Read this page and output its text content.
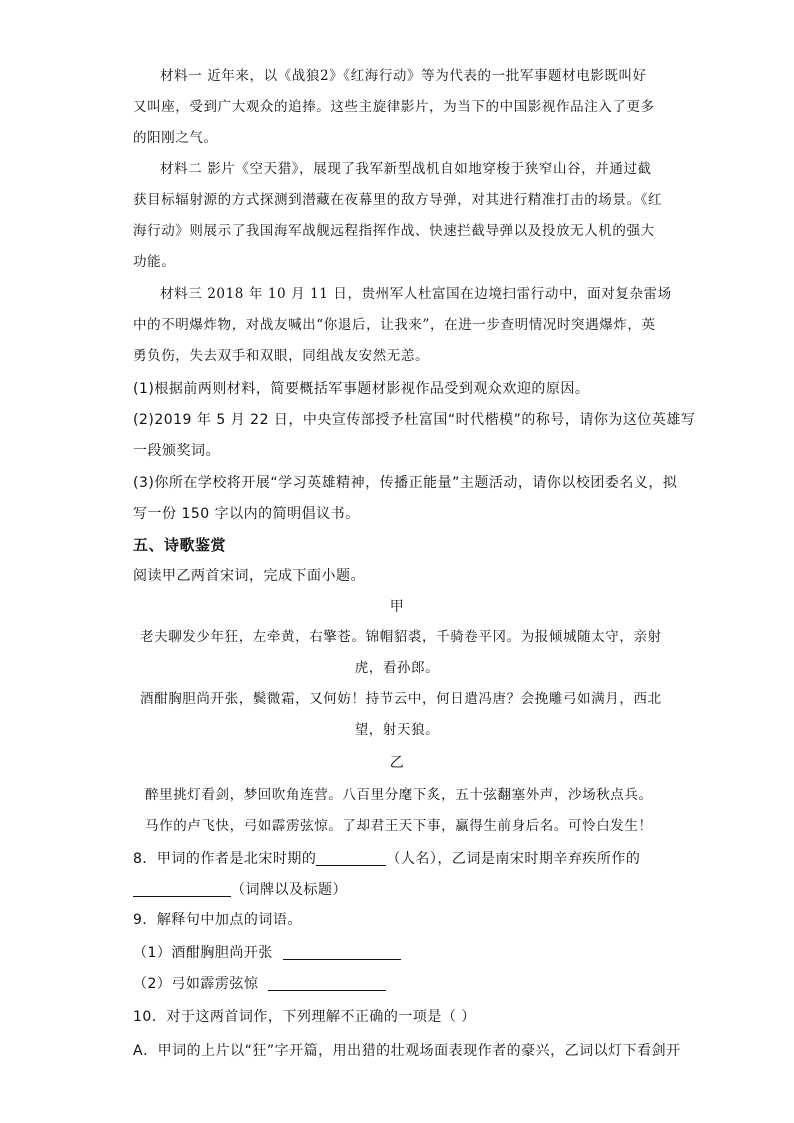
材料一 近年来，以《战狼2》《红海行动》等为代表的一批军事题材电影既叫好
又叫座，受到广大观众的追捧。这些主旋律影片，为当下的中国影视作品注入了更多
的阳刚之气。
材料二 影片《空天猎》，展现了我军新型战机自如地穿梭于狭窄山谷，并通过截
获目标辐射源的方式探测到潜藏在夜幕里的敌方导弹，对其进行精准打击的场景。《红
海行动》则展示了我国海军战舰远程指挥作战、快速拦截导弹以及投放无人机的强大
功能。
材料三 2018 年 10 月 11 日，贵州军人杜富国在边境扫雷行动中，面对复杂雷场
中的不明爆炸物，对战友喊出“你退后，让我来”，在进一步查明情况时突遇爆炸，英
勇负伤，失去双手和双眼，同组战友安然无恙。
(1)根据前两则材料，简要概括军事题材影视作品受到观众欢迎的原因。
(2)2019 年 5 月 22 日，中央宣传部授予杜富国“时代楷模”的称号，请你为这位英雄写
一段颁奖词。
(3)你所在学校将开展“学习英雄精神，传播正能量”主题活动，请你以校团委名义，拟
写一份 150 字以内的简明倡议书。
五、诗歌鉴赏
阅读甲乙两首宋词，完成下面小题。
甲
老夫聊发少年狂，左牵黄，右擎苍。锦帽貂裘，千骑卷平冈。为报倾城随太守，亲射
虎，看孙郎。
酒酣胸胆尚开张，鬓微霜，又何妨！持节云中，何日遣冯唐？会挽雕弓如满月，西北
望，射天狼。
乙
醉里挑灯看剑，梦回吹角连营。八百里分麾下炙，五十弦翻塞外声，沙场秋点兵。
马作的卢飞快，弓如霹雳弦惊。了却君王天下事，赢得生前身后名。可怜白发生！
8．甲词的作者是北宋时期的	（人名），乙词是南宋时期辛弃疾所作的
（词牌以及标题）
9．解释句中加点的词语。
（1）酒酣胸胆尚开张
（2）弓如霹雳弦惊
10．对于这两首词作，下列理解不正确的一项是（ ）
A．甲词的上片以“狂”字开篇，用出猎的壮观场面表现作者的豪兴，乙词以灯下看剑开
